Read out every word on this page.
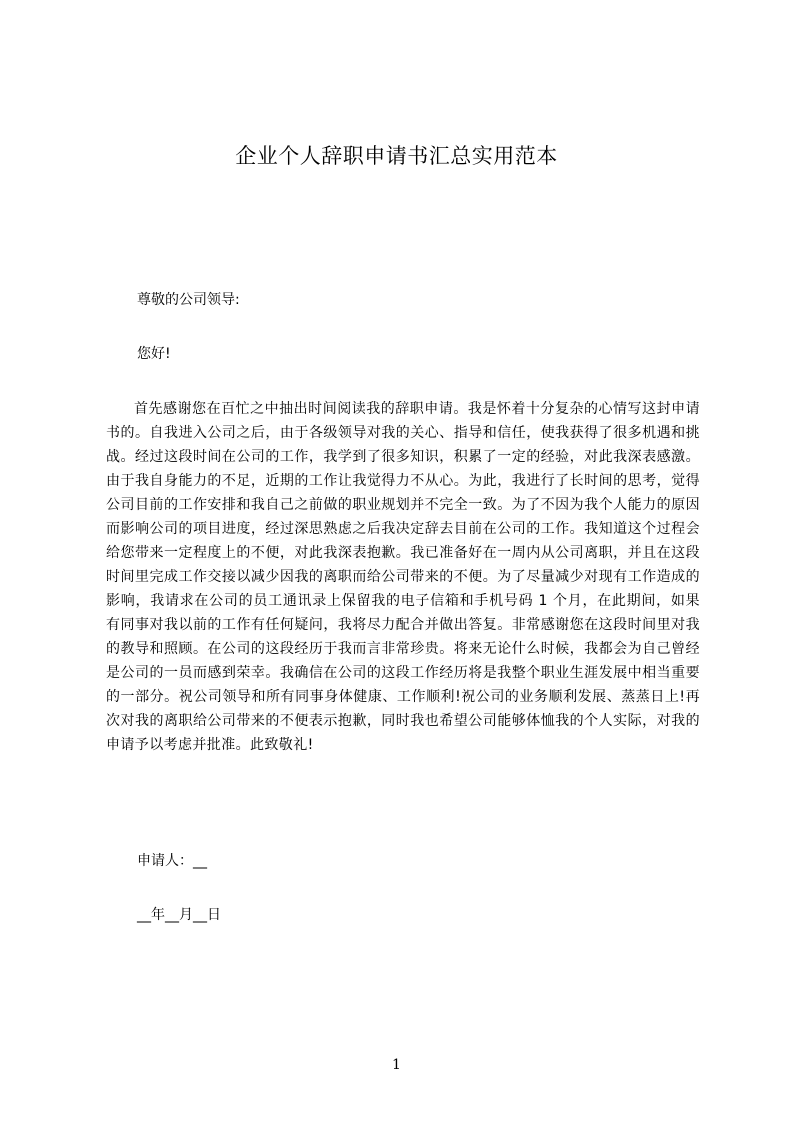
企业个人辞职申请书汇总实用范本
尊敬的公司领导:
您好!
首先感谢您在百忙之中抽出时间阅读我的辞职申请。我是怀着十分复杂的心情写这封申请书的。自我进入公司之后，由于各级领导对我的关心、指导和信任，使我获得了很多机遇和挑战。经过这段时间在公司的工作，我学到了很多知识，积累了一定的经验，对此我深表感激。由于我自身能力的不足，近期的工作让我觉得力不从心。为此，我进行了长时间的思考，觉得公司目前的工作安排和我自己之前做的职业规划并不完全一致。为了不因为我个人能力的原因而影响公司的项目进度，经过深思熟虑之后我决定辞去目前在公司的工作。我知道这个过程会给您带来一定程度上的不便，对此我深表抱歉。我已准备好在一周内从公司离职，并且在这段时间里完成工作交接以减少因我的离职而给公司带来的不便。为了尽量减少对现有工作造成的影响，我请求在公司的员工通讯录上保留我的电子信箱和手机号码 1 个月，在此期间，如果有同事对我以前的工作有任何疑问，我将尽力配合并做出答复。非常感谢您在这段时间里对我的教导和照顾。在公司的这段经历于我而言非常珍贵。将来无论什么时候，我都会为自己曾经是公司的一员而感到荣幸。我确信在公司的这段工作经历将是我整个职业生涯发展中相当重要的一部分。祝公司领导和所有同事身体健康、工作顺利!祝公司的业务顺利发展、蒸蒸日上!再次对我的离职给公司带来的不便表示抱歉，同时我也希望公司能够体恤我的个人实际，对我的申请予以考虑并批准。此致敬礼!
申请人：__
__年__月__日
1
